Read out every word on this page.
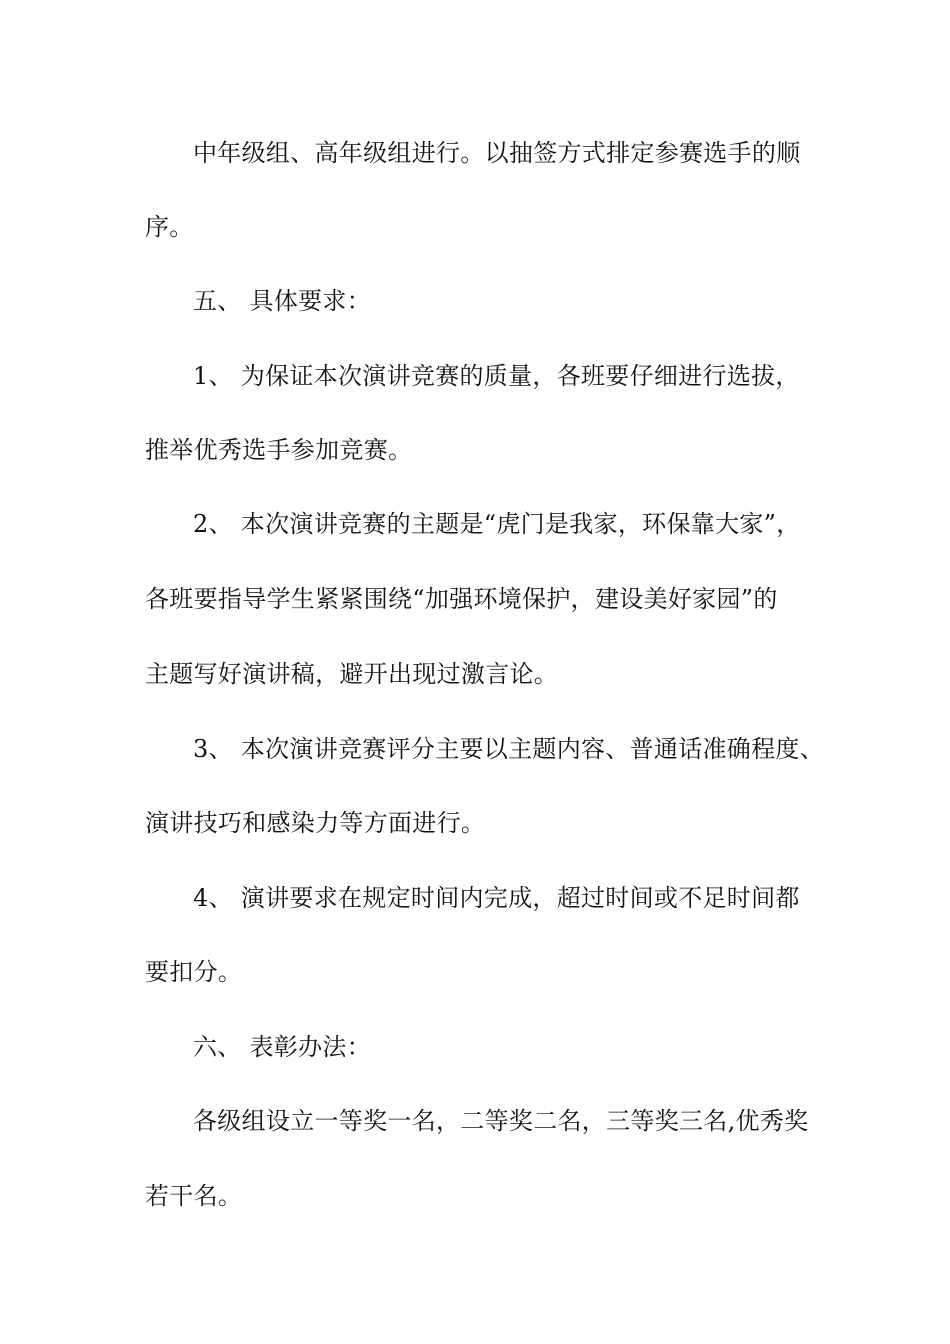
中年级组、高年级组进行。以抽签方式排定参赛选手的顺
序。
五、 具体要求：
1、 为保证本次演讲竞赛的质量，各班要仔细进行选拔，
推举优秀选手参加竞赛。
2、 本次演讲竞赛的主题是“虎门是我家，环保靠大家”，
各班要指导学生紧紧围绕“加强环境保护，建设美好家园”的
主题写好演讲稿，避开出现过激言论。
3、 本次演讲竞赛评分主要以主题内容、普通话准确程度、
演讲技巧和感染力等方面进行。
4、 演讲要求在规定时间内完成，超过时间或不足时间都
要扣分。
六、 表彰办法：
各级组设立一等奖一名，二等奖二名，三等奖三名,优秀奖
若干名。
